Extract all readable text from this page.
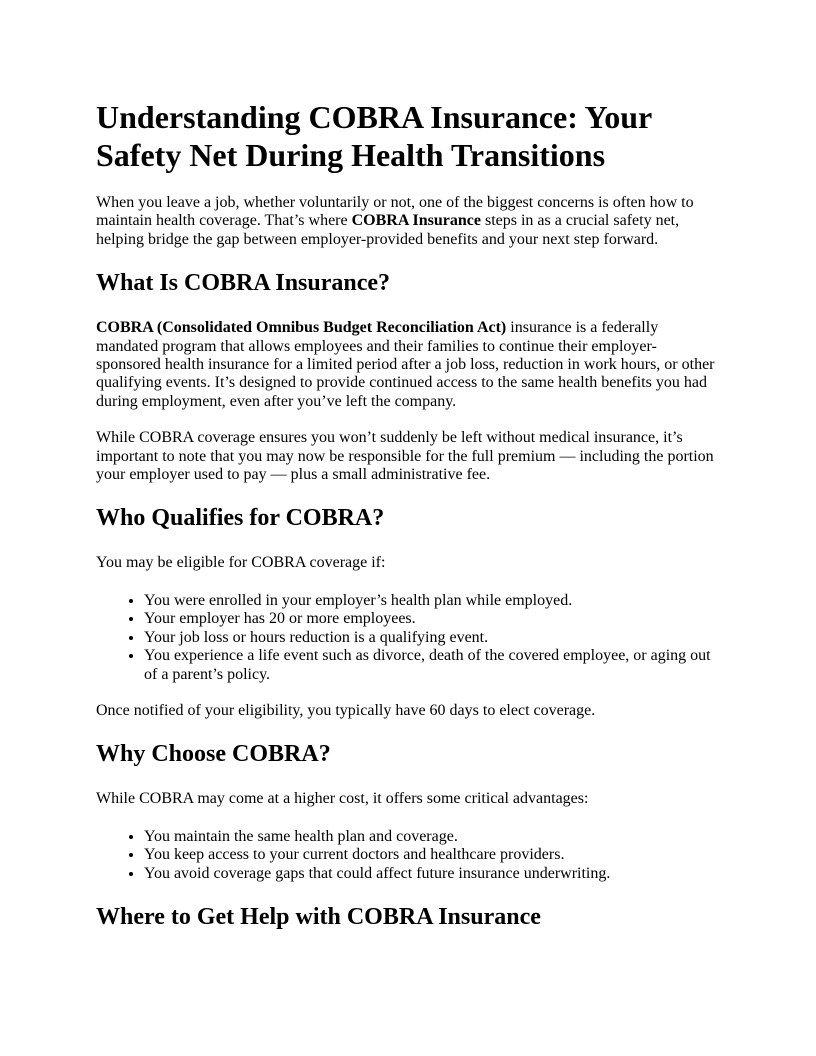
Understanding COBRA Insurance: Your Safety Net During Health Transitions

When you leave a job, whether voluntarily or not, one of the biggest concerns is often how to maintain health coverage. That’s where COBRA Insurance steps in as a crucial safety net, helping bridge the gap between employer-provided benefits and your next step forward.

What Is COBRA Insurance?

COBRA (Consolidated Omnibus Budget Reconciliation Act) insurance is a federally mandated program that allows employees and their families to continue their employer-sponsored health insurance for a limited period after a job loss, reduction in work hours, or other qualifying events. It’s designed to provide continued access to the same health benefits you had during employment, even after you’ve left the company.

While COBRA coverage ensures you won’t suddenly be left without medical insurance, it’s important to note that you may now be responsible for the full premium — including the portion your employer used to pay — plus a small administrative fee.

Who Qualifies for COBRA?

You may be eligible for COBRA coverage if:

• You were enrolled in your employer’s health plan while employed.
• Your employer has 20 or more employees.
• Your job loss or hours reduction is a qualifying event.
• You experience a life event such as divorce, death of the covered employee, or aging out of a parent’s policy.

Once notified of your eligibility, you typically have 60 days to elect coverage.

Why Choose COBRA?

While COBRA may come at a higher cost, it offers some critical advantages:

• You maintain the same health plan and coverage.
• You keep access to your current doctors and healthcare providers.
• You avoid coverage gaps that could affect future insurance underwriting.
Where to Get Help with COBRA Insurance
